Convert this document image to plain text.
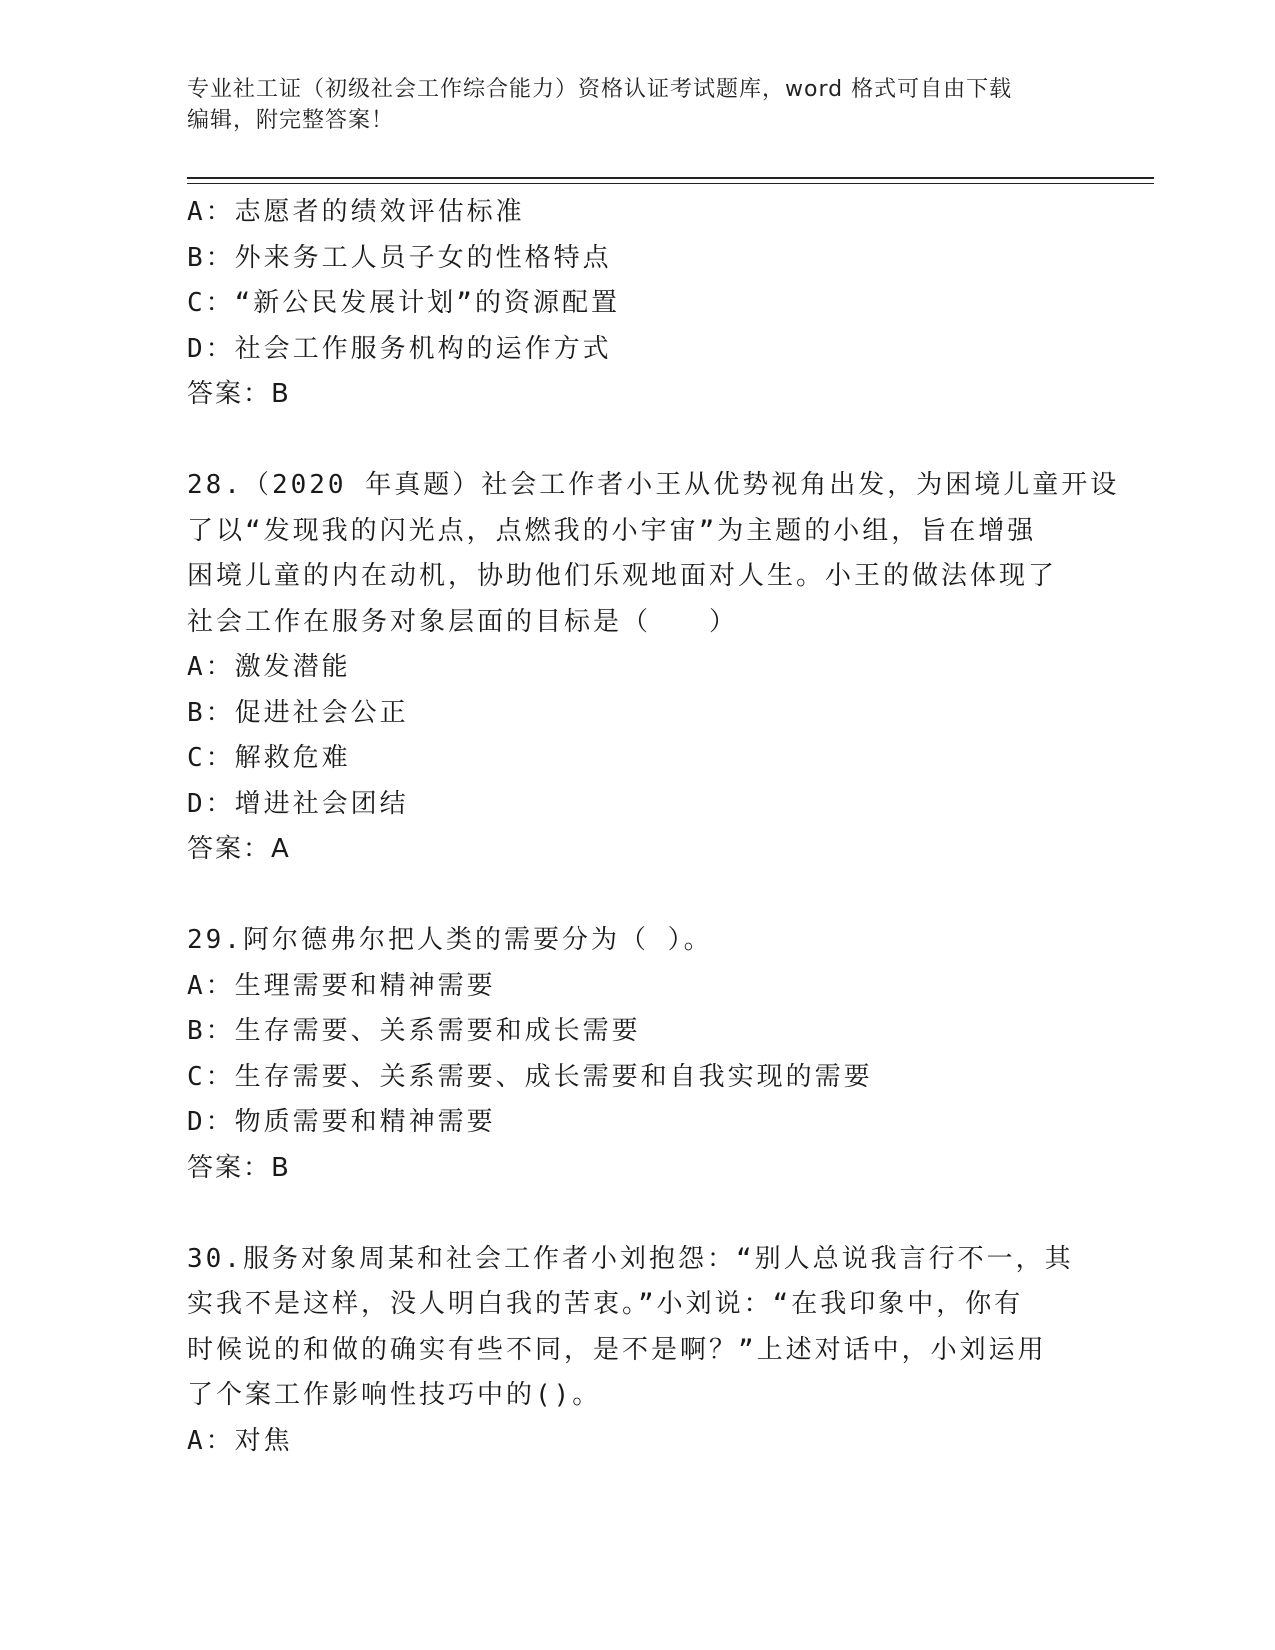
专业社工证（初级社会工作综合能力）资格认证考试题库，word 格式可自由下载
编辑，附完整答案！
A：志愿者的绩效评估标准
B：外来务工人员子女的性格特点
C：“新公民发展计划”的资源配置
D：社会工作服务机构的运作方式
答案：B
28.（2020 年真题）社会工作者小王从优势视角出发，为困境儿童开设
了以“发现我的闪光点，点燃我的小宇宙”为主题的小组，旨在增强
困境儿童的内在动机，协助他们乐观地面对人生。小王的做法体现了
社会工作在服务对象层面的目标是（　　）
A：激发潜能
B：促进社会公正
C：解救危难
D：增进社会团结
答案：A
29.阿尔德弗尔把人类的需要分为（ ）。
A：生理需要和精神需要
B：生存需要、关系需要和成长需要
C：生存需要、关系需要、成长需要和自我实现的需要
D：物质需要和精神需要
答案：B
30.服务对象周某和社会工作者小刘抱怨：“别人总说我言行不一，其
实我不是这样，没人明白我的苦衷。”小刘说：“在我印象中，你有
时候说的和做的确实有些不同，是不是啊？”上述对话中，小刘运用
了个案工作影响性技巧中的()。
A：对焦
